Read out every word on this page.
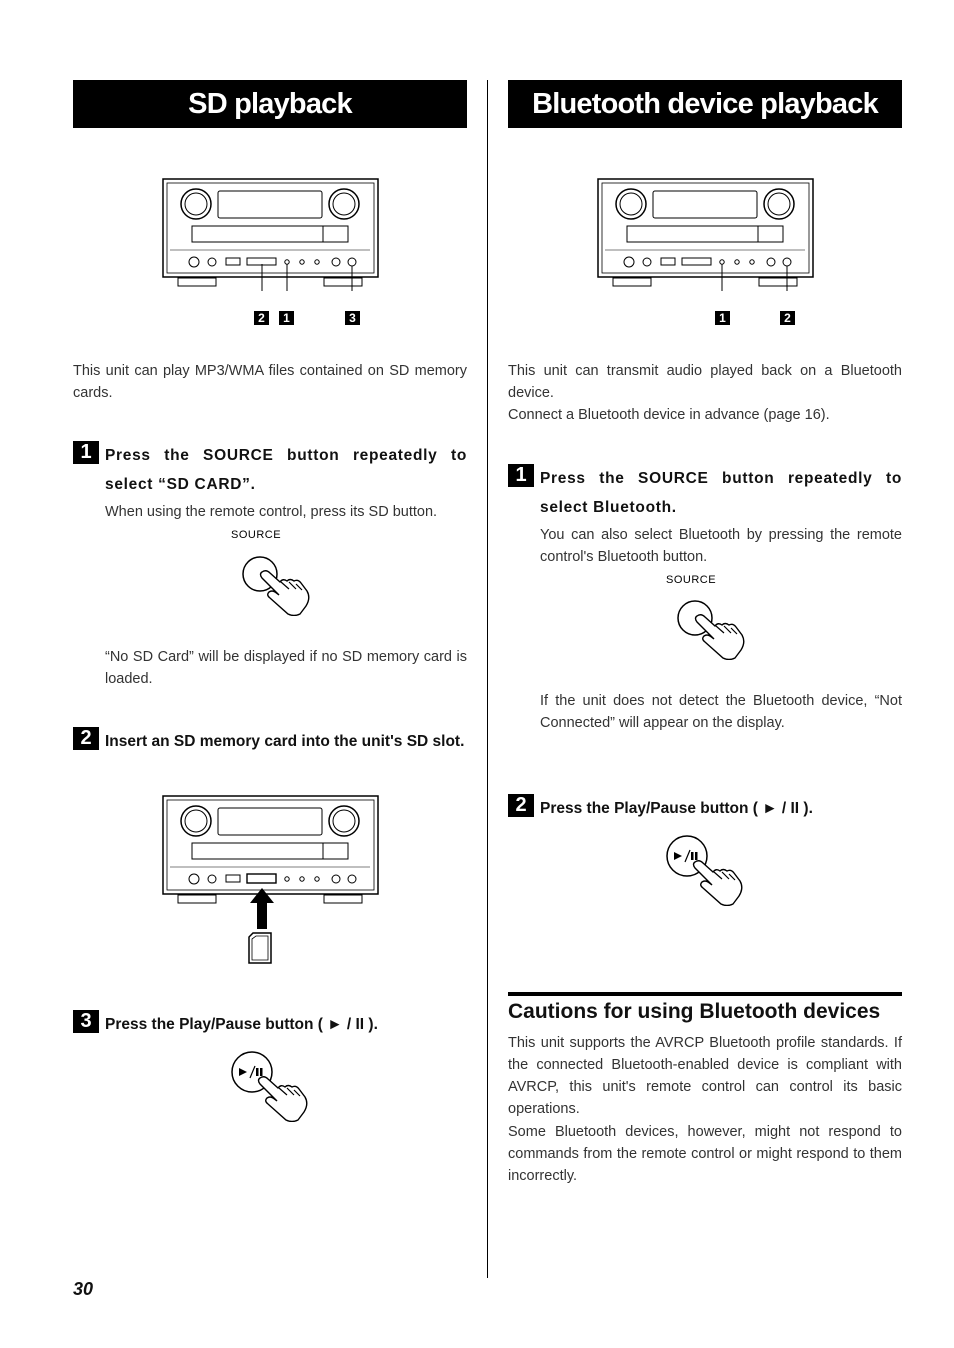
SD playback
2	1	3
This unit can play MP3/WMA files contained on SD memory cards.
1 Press the SOURCE button repeatedly to select “SD CARD”.
When using the remote control, press its SD button.
SOURCE
“No SD Card” will be displayed if no SD memory card is loaded.
2 Insert an SD memory card into the unit's SD slot.
3 Press the Play/Pause button ( ► / II ).
30
Bluetooth device playback
1	2
This unit can transmit audio played back on a Bluetooth device.
Connect a Bluetooth device in advance (page 16).
1 Press the SOURCE button repeatedly to select Bluetooth.
You can also select Bluetooth by pressing the remote control's Bluetooth button.
SOURCE
If the unit does not detect the Bluetooth device, “Not Connected” will appear on the display.
2 Press the Play/Pause button ( ► / II ).
Cautions for using Bluetooth devices
This unit supports the AVRCP Bluetooth profile standards. If the connected Bluetooth-enabled device is compliant with AVRCP, this unit's remote control can control its basic operations.
Some Bluetooth devices, however, might not respond to commands from the remote control or might respond to them incorrectly.
